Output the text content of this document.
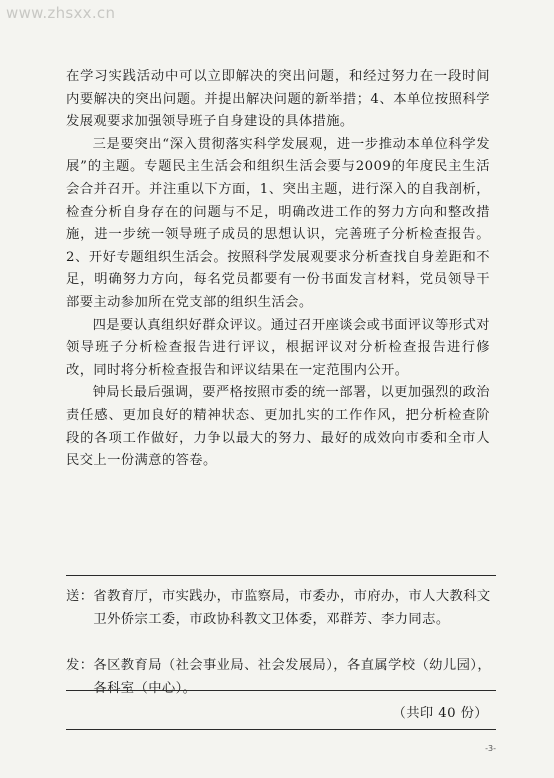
www.zhsxx.cn

在学习实践活动中可以立即解决的突出问题，和经过努力在一段时间内要解决的突出问题。并提出解决问题的新举措；4、本单位按照科学发展观要求加强领导班子自身建设的具体措施。

三是要突出“深入贯彻落实科学发展观，进一步推动本单位科学发展”的主题。专题民主生活会和组织生活会要与2009的年度民主生活会合并召开。并注重以下方面，1、突出主题，进行深入的自我剖析，检查分析自身存在的问题与不足，明确改进工作的努力方向和整改措施，进一步统一领导班子成员的思想认识，完善班子分析检查报告。2、开好专题组织生活会。按照科学发展观要求分析查找自身差距和不足，明确努力方向，每名党员都要有一份书面发言材料，党员领导干部要主动参加所在党支部的组织生活会。

四是要认真组织好群众评议。通过召开座谈会或书面评议等形式对领导班子分析检查报告进行评议，根据评议对分析检查报告进行修改，同时将分析检查报告和评议结果在一定范围内公开。

钟局长最后强调，要严格按照市委的统一部署，以更加强烈的政治责任感、更加良好的精神状态、更加扎实的工作作风，把分析检查阶段的各项工作做好，力争以最大的努力、最好的成效向市委和全市人民交上一份满意的答卷。

送： 省教育厅，市实践办，市监察局，市委办，市府办，市人大教科文卫外侨宗工委，市政协科教文卫体委，邓群芳、李力同志。
发： 各区教育局（社会事业局、社会发展局），各直属学校（幼儿园），各科室（中心）。
（共印 40 份）
-3-
